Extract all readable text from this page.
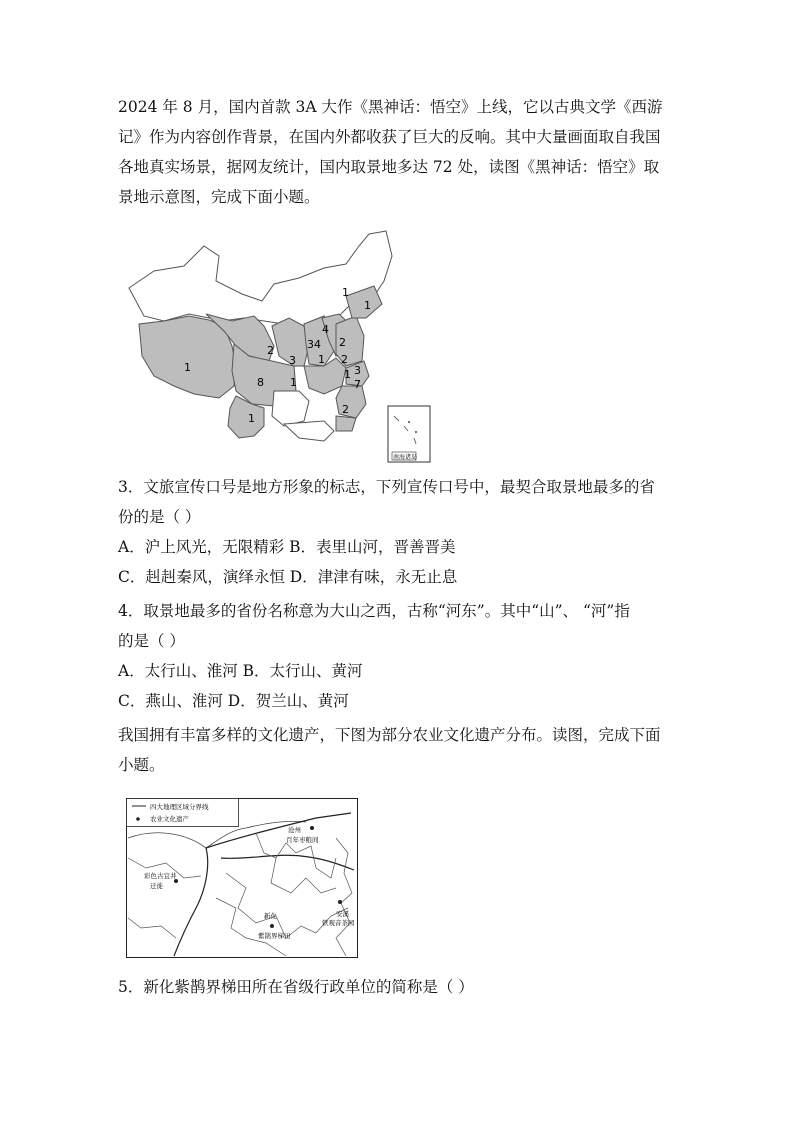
2024 年 8 月，国内首款 3A 大作《黑神话：悟空》上线，它以古典文学《西游
记》作为内容创作背景，在国内外都收获了巨大的反响。其中大量画面取自我国
各地真实场景，据网友统计，国内取景地多达 72 处，读图《黑神话：悟空》取
景地示意图，完成下面小题。
1
1
4
2
34
1 2
2
3
1 3
1
8 1	7
2
1
南海诸岛
3．文旅宣传口号是地方形象的标志，下列宣传口号中，最契合取景地最多的省
份的是（ ）
A．沪上风光，无限精彩 B．表里山河，晋善晋美
C．赳赳秦风，演绎永恒 D．津津有味，永无止息
4．取景地最多的省份名称意为大山之西，古称“河东”。其中“山”、 “河”指
的是（ ）
A．太行山、淮河 B．太行山、黄河
C．燕山、淮河 D．贺兰山、黄河
我国拥有丰富多样的文化遗产，下图为部分农业文化遗产分布。读图，完成下面
小题。
四大地理区域分界线
农业文化遗产
沧州
百年枣粮间
彩色古宜井
迁徙
安溪
铁观音茶园
新化
紫鹊界梯田
5．新化紫鹊界梯田所在省级行政单位的简称是（ ）
